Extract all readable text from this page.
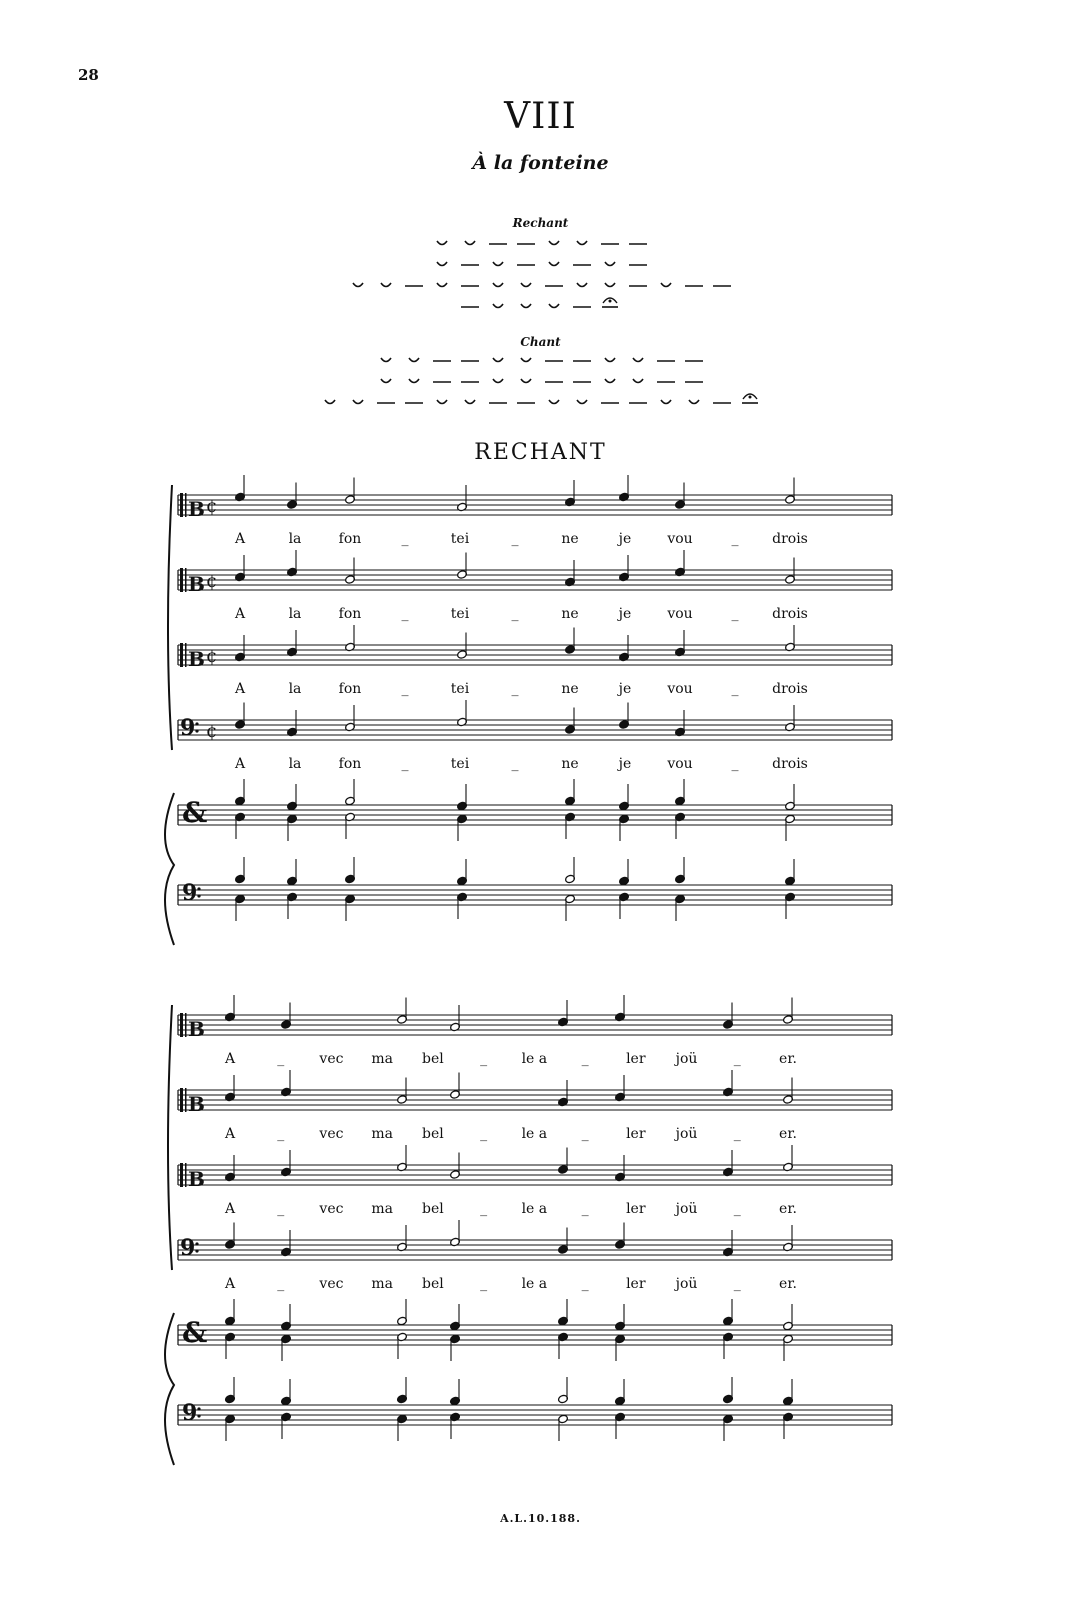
28
VIII
À la fonteine
Rechant
Chant
RECHANT
B ¢
A	la	fon	_	tei	_	ne	je	vou	_ drois
B ¢
A	la	fon	_	tei	_	ne	je	vou	_ drois
B ¢
A	la	fon	_	tei	_	ne	je	vou	_ drois
9 ¢
A	la	fon	_	tei	_	ne	je	vou	_ drois
&
9
B
A	_	vec ma bel	_ le a _	ler joü	_	er.
B
A	_	vec ma bel	_ le a _	ler joü	_	er.
B
A	_	vec ma bel	_ le a _	ler joü	_	er.
9
A	_	vec ma bel	_ le a _	ler joü	_	er.
&
9
A.L.10.188.
